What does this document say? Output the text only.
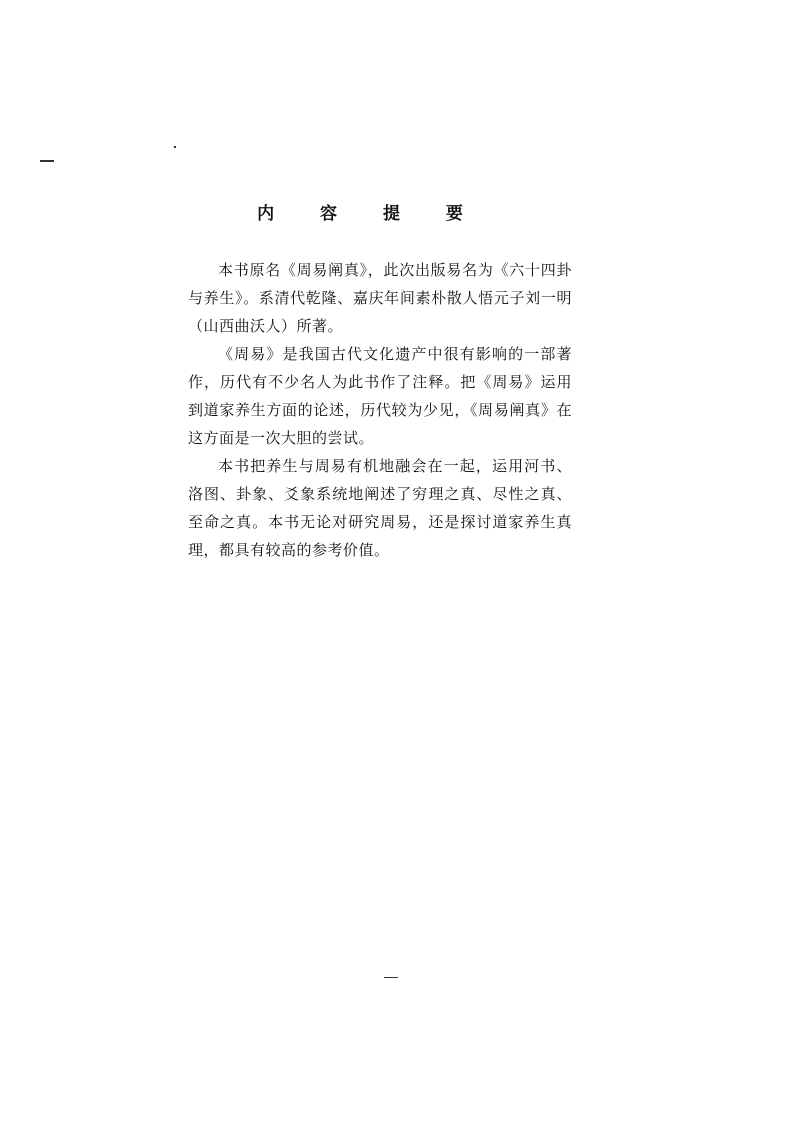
内 容 提 要

本书原名《周易阐真》，此次出版易名为《六十四卦与养生》。系清代乾隆、嘉庆年间素朴散人悟元子刘一明（山西曲沃人）所著。

《周易》是我国古代文化遗产中很有影响的一部著作，历代有不少名人为此书作了注释。把《周易》运用到道家养生方面的论述，历代较为少见，《周易阐真》在这方面是一次大胆的尝试。

本书把养生与周易有机地融会在一起，运用河书、洛图、卦象、爻象系统地阐述了穷理之真、尽性之真、至命之真。本书无论对研究周易，还是探讨道家养生真理，都具有较高的参考价值。
